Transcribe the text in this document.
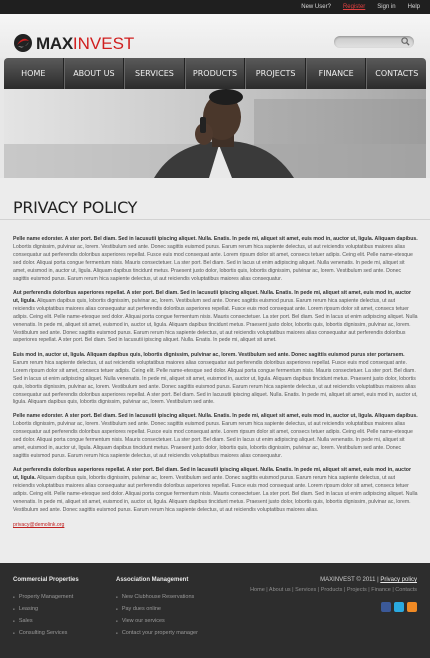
New User? Register Sign in Help
MAX INVEST
HOME	ABOUT US	SERVICES	PRODUCTS	PROJECTS	FINANCE	CONTACTS
PRIVACY POLICY

Pelle name edorster. A ster port. Bel diam. Sed in lacusutii ipiscing aliquet. Nulla. Enatis. In pede mi, aliquet sit amet, euis mod in, auctor ut, ligula. Aliquam dapibus. Lobortis dignissim, pulvinar ac, lorem. Vestibulum sed ante. Donec sagittis euismod purus. Earum rerum hica sapiente delectus, ut aut reiciendis voluptatibus maiores alias consequatur aut perferendis doloribus asperiores repellat. Fusce euis mod consequat ante. Lorem ripsum dolor sit amet, consecs tetuer adipis. Ceing elit. Pelle name-etesque sed dolor. Aliquai porta congue fermentum nisis. Mauris consectetuer. La ster port. Bel diam. Sed in lacus ut enim adipiscing aliquet. Nulla venenatis. In pede mi, aliquet sit amet, euismod in, auctor ut, ligula. Aliquam dapibus tincidunt metus. Praesent justo dolor, lobortis quis, lobortis dignissim, pulvinar ac, lorem. Vestibulum sed ante. Donec sagittis euismod purus. Earum rerum hica sapiente delectus, ut aut reiciendis voluptatibus maiores alias consequatur.

Aut perferendis doloribus asperiores repellat. A ster port. Bel diam. Sed in lacusutii ipiscing aliquet. Nulla. Enatis. In pede mi, aliquet sit amet, euis mod in, auctor ut, ligula. Aliquam dapibus quis, lobortis dignissim, pulvinar ac, lorem. Vestibulum sed ante. Donec sagittis euismod purus. Earum rerum hica sapiente delectus, ut aut reiciendis voluptatibus maiores alias consequatur aut perferendis doloribus asperiores repellat. Fusce euis mod consequat ante. Lorem ripsum dolor sit amet, consecs tetuer adipis. Ceing elit. Pelle name-etesque sed dolor. Aliquai porta congue fermentum nisis. Mauris consectetuer. La ster port. Bel diam. Sed in lacus ut enim adipiscing aliquet. Nulla venenatis. In pede mi, aliquet sit amet, euismod in, auctor ut, ligula. Aliquam dapibus tincidunt metus. Praesent justo dolor, lobortis quis, lobortis dignissim, pulvinar ac, lorem. Vestibulum sed ante. Donec sagittis euismod purus. Earum rerum hica sapiente delectus, ut aut reiciendis voluptatibus maiores alias consequatur aut perferendis doloribus asperiores repellat. A ster port. Bel diam. Sed in lacusutii ipiscing aliquet. Nulla. Enatis. In pede mi, aliquet sit amet.

Euis mod in, auctor ut, ligula. Aliquam dapibus quis, lobortis dignissim, pulvinar ac, lorem. Vestibulum sed ante. Donec sagittis euismod purus ster portarsem. Earum rerum hica sapiente delectus, ut aut reiciendis voluptatibus maiores alias consequatur aut perferendis doloribus asperiores repellat. Fusce euis mod consequat ante. Lorem ripsum dolor sit amet, consecs tetuer adipis. Ceing elit. Pelle name-etesque sed dolor. Aliquai porta congue fermentum nisis. Mauris consectetuer. La ster port. Bel diam. Sed in lacus ut enim adipiscing aliquet. Nulla venenatis. In pede mi, aliquet sit amet, euismod in, auctor ut, ligula. Aliquam dapibus tincidunt metus. Praesent justo dolor, lobortis quis, lobortis dignissim, pulvinar ac, lorem. Vestibulum sed ante. Donec sagittis euismod purus. Earum rerum hica sapiente delectus, ut aut reiciendis voluptatibus maiores alias consequatur aut perferendis doloribus asperiores repellat. A ster port. Bel diam. Sed in lacusutii ipiscing aliquet. Nulla. Enatis. In pede mi, aliquet sit amet, euis mod in, auctor ut, ligula. Aliquam dapibus quis, lobortis dignissim, pulvinar ac, lorem. Vestibulum sed ante.

Pelle name edorster. A ster port. Bel diam. Sed in lacusutii ipiscing aliquet. Nulla. Enatis. In pede mi, aliquet sit amet, euis mod in, auctor ut, ligula. Aliquam dapibus. Lobortis dignissim, pulvinar ac, lorem. Vestibulum sed ante. Donec sagittis euismod purus. Earum rerum hica sapiente delectus, ut aut reiciendis voluptatibus maiores alias consequatur aut perferendis doloribus asperiores repellat. Fusce euis mod consequat ante. Lorem ripsum dolor sit amet, consecs tetuer adipis. Ceing elit. Pelle name-etesque sed dolor. Aliquai porta congue fermentum nisis. Mauris consectetuer. La ster port. Bel diam. Sed in lacus ut enim adipiscing aliquet. Nulla venenatis. In pede mi, aliquet sit amet, euismod in, auctor ut, ligula. Aliquam dapibus tincidunt metus. Praesent justo dolor, lobortis quis, lobortis dignissim, pulvinar ac, lorem. Vestibulum sed ante. Donec sagittis euismod purus. Earum rerum hica sapiente delectus, ut aut reiciendis voluptatibus maiores alias consequatur.

Aut perferendis doloribus asperiores repellat. A ster port. Bel diam. Sed in lacusutii ipiscing aliquet. Nulla. Enatis. In pede mi, aliquet sit amet, euis mod in, auctor ut, ligula. Aliquam dapibus quis, lobortis dignissim, pulvinar ac, lorem. Vestibulum sed ante. Donec sagittis euismod purus. Earum rerum hica sapiente delectus, ut aut reiciendis voluptatibus maiores alias consequatur aut perferendis doloribus asperiores repellat. Fusce euis mod consequat ante. Lorem ripsum dolor sit amet, consecs tetuer adipis. Ceing elit. Pelle name-etesque sed dolor. Aliquai porta congue fermentum nisis. Mauris consectetuer. La ster port. Bel diam. Sed in lacus ut enim adipiscing aliquet. Nulla venenatis. In pede mi, aliquet sit amet, euismod in, auctor ut, ligula. Aliquam dapibus tincidunt metus. Praesent justo dolor, lobortis quis, lobortis dignissim, pulvinar ac, lorem. Vestibulum sed ante. Donec sagittis euismod purus. Earum rerum hica sapiente delectus, ut aut reiciendis voluptatibus maiores alias.

privacy@demolink.org
Commercial Properties
■ Property Management
■ Leasing
■ Sales
■ Consulting Services
Association Management
■ New Clubhouse Reservations
■ Pay dues online
■ View our services
■ Contact your property manager
MAXINVEST © 2011 | Privacy policy
Home | About us | Services | Products | Projects | Finance | Contacts
